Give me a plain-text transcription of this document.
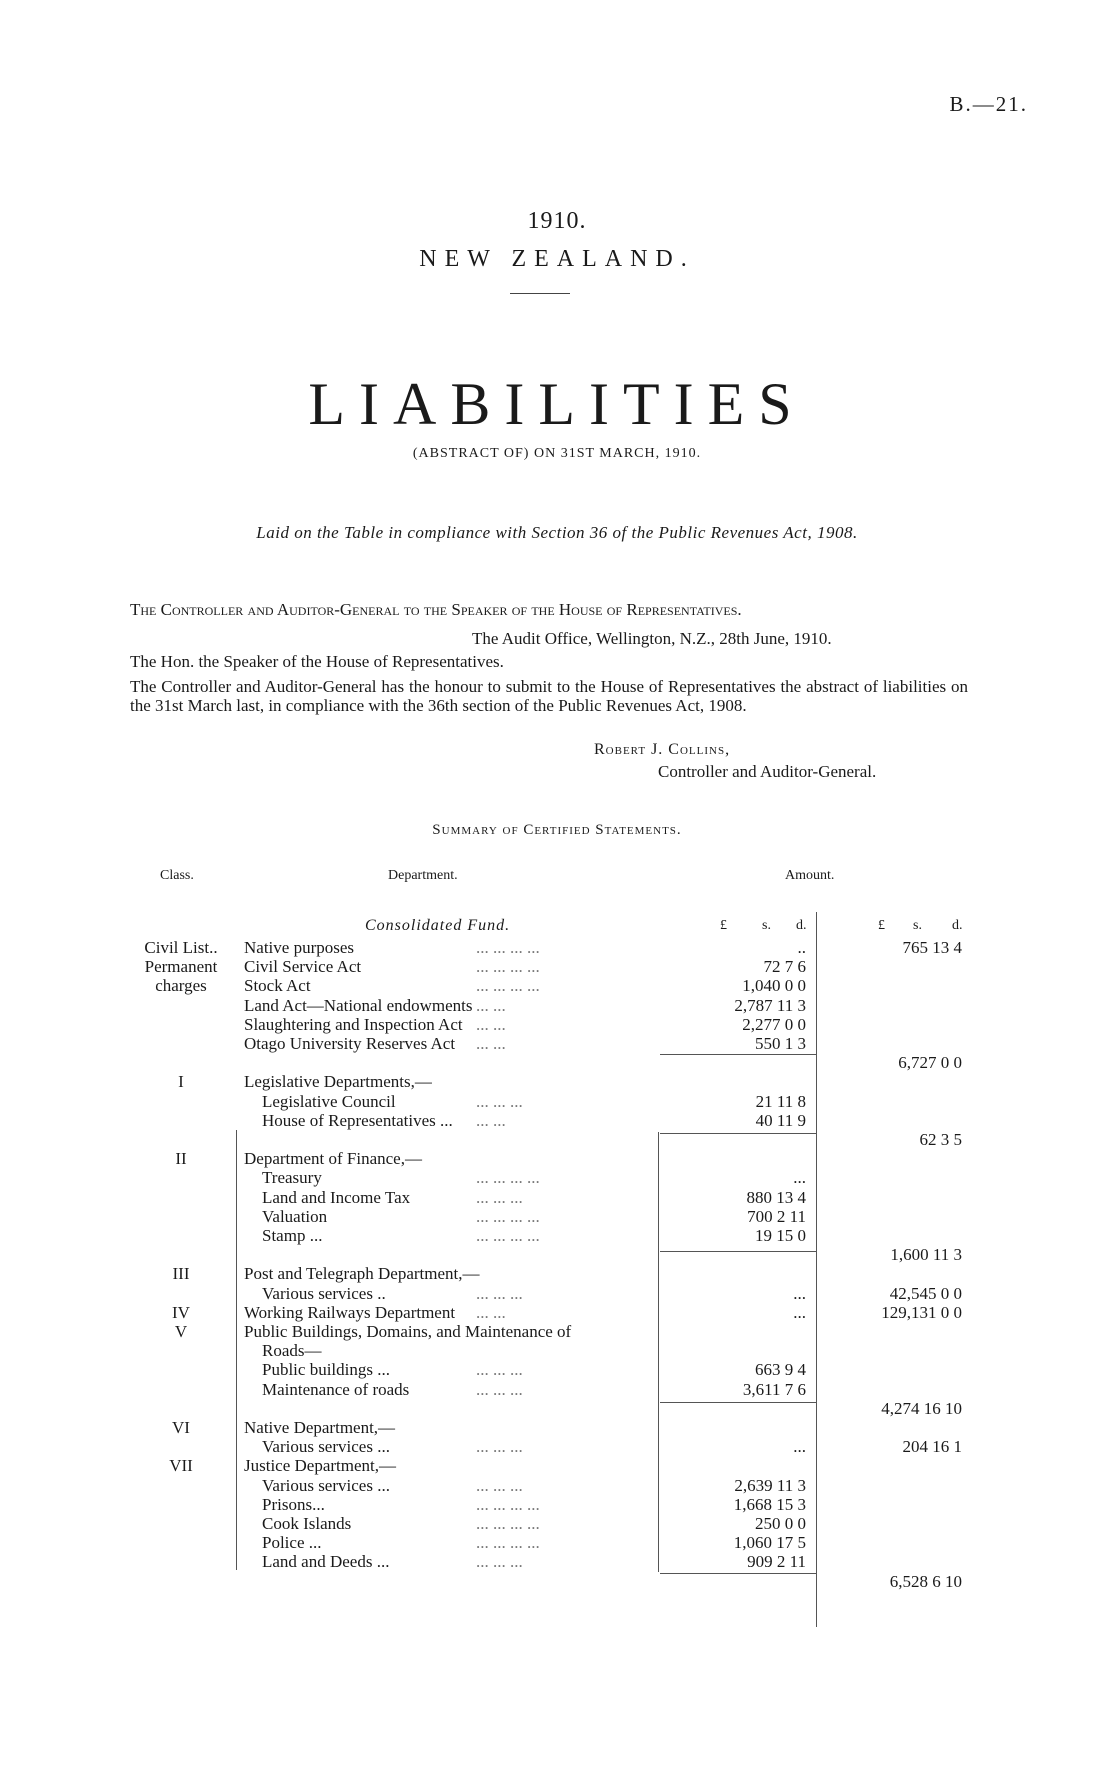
B.—21.
1910.
NEW ZEALAND.
LIABILITIES
(ABSTRACT OF) ON 31ST MARCH, 1910.
Laid on the Table in compliance with Section 36 of the Public Revenues Act, 1908.
The Controller and Auditor-General to the Speaker of the House of Representatives.
The Audit Office, Wellington, N.Z., 28th June, 1910.
The Hon. the Speaker of the House of Representatives.
The Controller and Auditor-General has the honour to submit to the House of Representatives the abstract of liabilities on the 31st March last, in compliance with the 36th section of the Public Revenues Act, 1908.
Robert J. Collins,
Controller and Auditor-General.
Summary of Certified Statements.
Class.	Department.	Amount.
Consolidated Fund.	£	s. d.	£ s. d.
Civil List..	Native purposes	... ... ... ...	..	765 13 4
Permanent	Civil Service Act	... ... ... ...	72 7 6
charges	Stock Act	... ... ... ...	1,040 0 0
Land Act—National endowments ... ...	2,787 11 3
Slaughtering and Inspection Act ... ...	2,277 0 0
Otago University Reserves Act ... ...	550 1 3
6,727 0 0
I	Legislative Departments,—
Legislative Council	... ... ...	21 11 8
House of Representatives ... ... ...	40 11 9
62 3 5
II	Department of Finance,—
Treasury	... ... ... ...	...
Land and Income Tax	... ... ...	880 13 4
Valuation	... ... ... ...	700 2 11
Stamp ...	... ... ... ...	19 15 0
1,600 11 3
III	Post and Telegraph Department,—
Various services ..	... ... ...	...	42,545 0 0
IV	Working Railways Department ... ...	...	129,131 0 0
V	Public Buildings, Domains, and Maintenance of
Roads—
Public buildings ...	... ... ...	663 9 4
Maintenance of roads	... ... ...	3,611 7 6
4,274 16 10
VI	Native Department,—
Various services ...	... ... ...	...	204 16 1
VII	Justice Department,—
Various services ...	... ... ...	2,639 11 3
Prisons...	... ... ... ...	1,668 15 3
Cook Islands	... ... ... ...	250 0 0
Police ...	... ... ... ...	1,060 17 5
Land and Deeds ...	... ... ...	909 2 11
6,528 6 10
